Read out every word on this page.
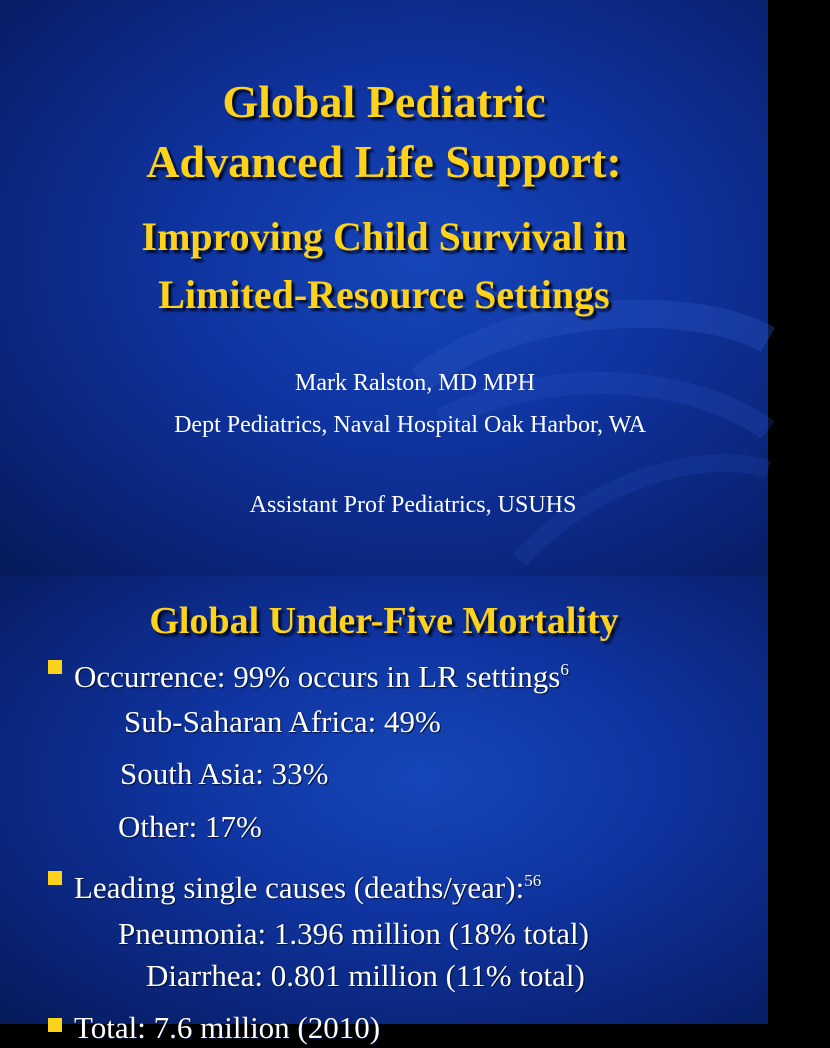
Global Pediatric
Advanced Life Support:
Improving Child Survival in
Limited-Resource Settings
Mark Ralston, MD MPH
Dept Pediatrics, Naval Hospital Oak Harbor, WA
Assistant Prof Pediatrics, USUHS
Global Under-Five Mortality
Occurrence: 99% occurs in LR settings$^6$
Sub-Saharan Africa: 49%
South Asia: 33%
Other: 17%
Leading single causes (deaths/year):$^{56}$
Pneumonia: 1.396 million (18% total)
Diarrhea: 0.801 million (11% total)
Total: 7.6 million (2010)
